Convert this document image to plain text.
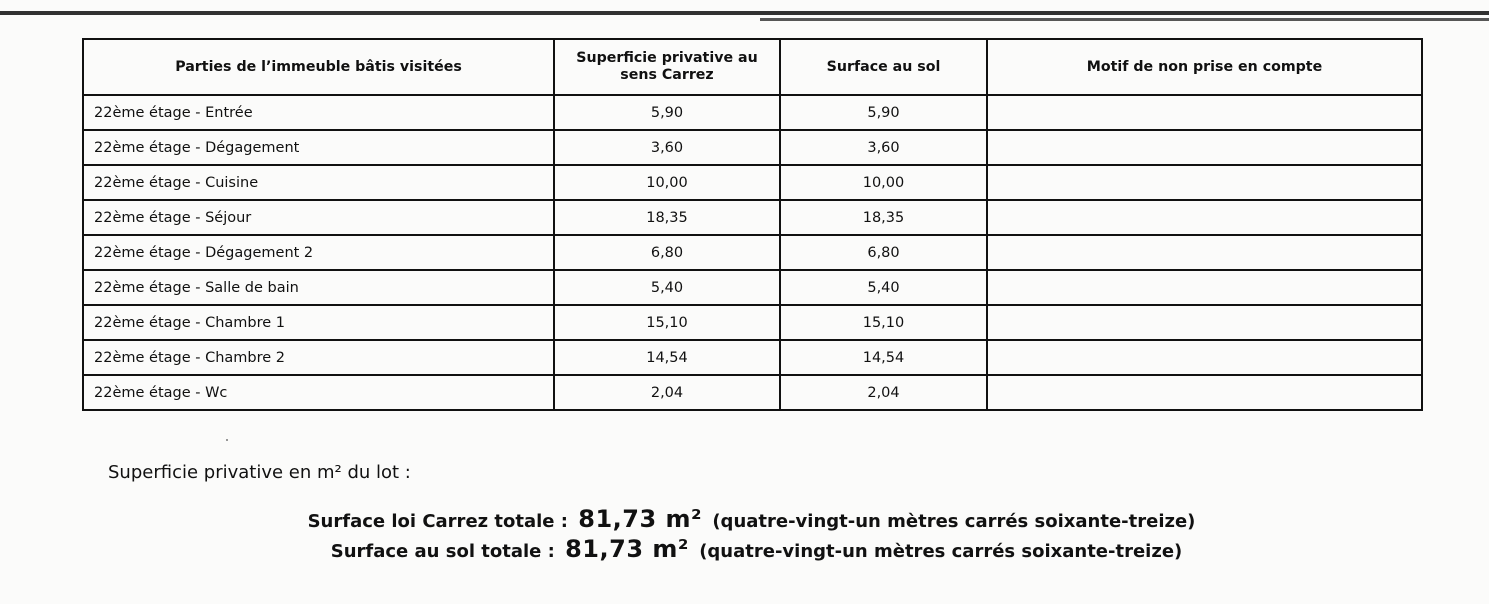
Parties de l’immeuble bâtis visitées	Superficie privative au sens Carrez	Surface au sol	Motif de non prise en compte
22ème étage - Entrée	5,90	5,90	
22ème étage - Dégagement	3,60	3,60	
22ème étage - Cuisine	10,00	10,00	
22ème étage - Séjour	18,35	18,35	
22ème étage - Dégagement 2	6,80	6,80	
22ème étage - Salle de bain	5,40	5,40	
22ème étage - Chambre 1	15,10	15,10	
22ème étage - Chambre 2	14,54	14,54	
22ème étage - Wc	2,04	2,04	
Superficie privative en m² du lot :
Surface loi Carrez totale : 81,73 m² (quatre-vingt-un mètres carrés soixante-treize)
Surface au sol totale : 81,73 m² (quatre-vingt-un mètres carrés soixante-treize)
